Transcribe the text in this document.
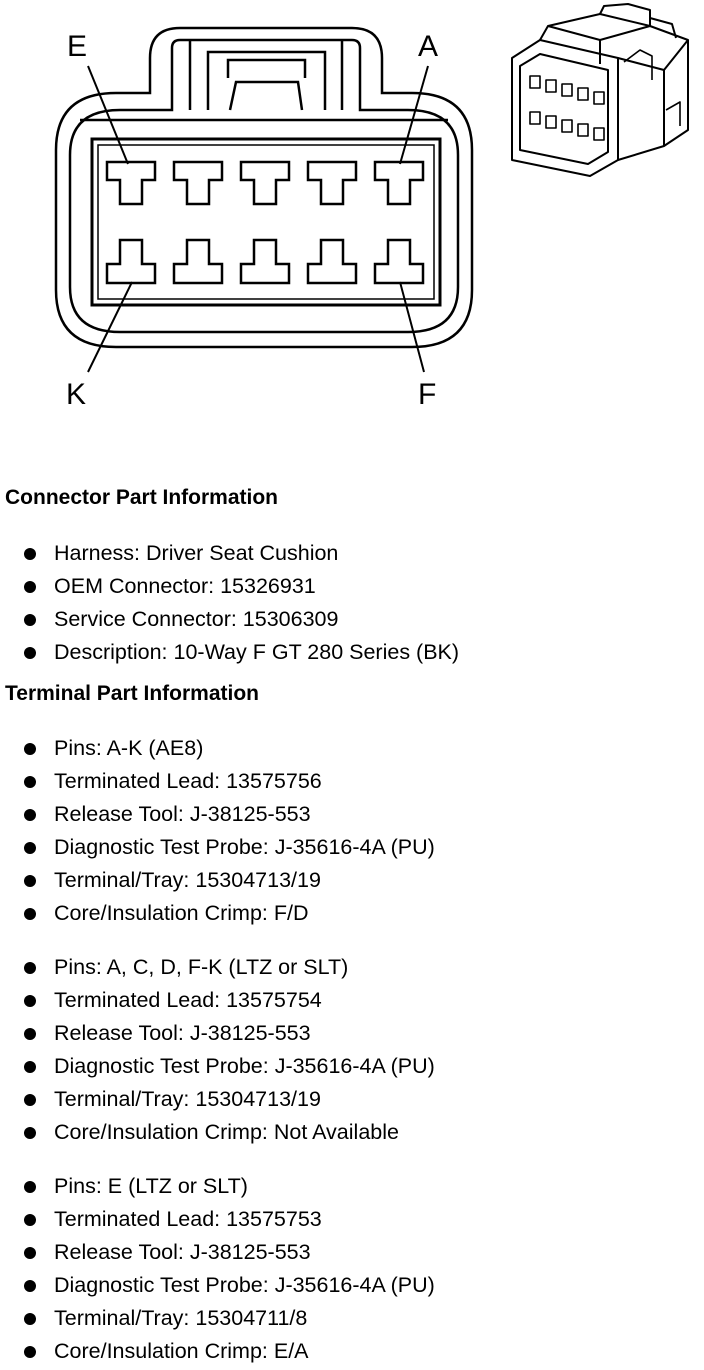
E	A
K	F
Connector Part Information
Harness: Driver Seat Cushion
OEM Connector: 15326931
Service Connector: 15306309
Description: 10-Way F GT 280 Series (BK)
Terminal Part Information
Pins: A-K (AE8)
Terminated Lead: 13575756
Release Tool: J-38125-553
Diagnostic Test Probe: J-35616-4A (PU)
Terminal/Tray: 15304713/19
Core/Insulation Crimp: F/D
Pins: A, C, D, F-K (LTZ or SLT)
Terminated Lead: 13575754
Release Tool: J-38125-553
Diagnostic Test Probe: J-35616-4A (PU)
Terminal/Tray: 15304713/19
Core/Insulation Crimp: Not Available
Pins: E (LTZ or SLT)
Terminated Lead: 13575753
Release Tool: J-38125-553
Diagnostic Test Probe: J-35616-4A (PU)
Terminal/Tray: 15304711/8
Core/Insulation Crimp: E/A
